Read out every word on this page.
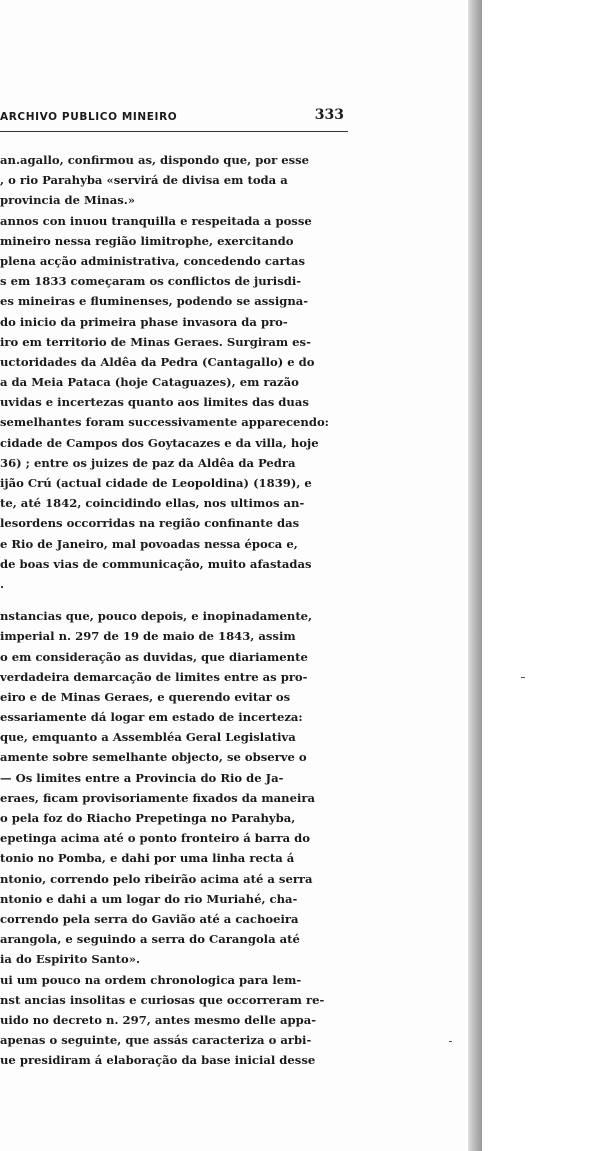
ARCHIVO PUBLICO MINEIRO	333
an.agallo, confirmou as, dispondo que, por esse
, o rio Parahyba «servirá de divisa em toda a
provincia de Minas.»
annos con inuou tranquilla e respeitada a posse
mineiro nessa região limitrophe, exercitando
plena acção administrativa, concedendo cartas
s em 1833 começaram os conflictos de jurisdi-
es mineiras e fluminenses, podendo se assigna-
do inicio da primeira phase invasora da pro-
iro em territorio de Minas Geraes. Surgiram es-
uctoridades da Aldêa da Pedra (Cantagallo) e do
a da Meia Pataca (hoje Cataguazes), em razão
uvidas e incertezas quanto aos limites das duas
semelhantes foram successivamente apparecendo:
cidade de Campos dos Goytacazes e da villa, hoje
36) ; entre os juizes de paz da Aldêa da Pedra
ijão Crú (actual cidade de Leopoldina) (1839), e
te, até 1842, coincidindo ellas, nos ultimos an-
lesordens occorridas na região confinante das
e Rio de Janeiro, mal povoadas nessa época e,
de boas vias de communicação, muito afastadas
.
nstancias que, pouco depois, e inopinadamente,
imperial n. 297 de 19 de maio de 1843, assim
o em consideração as duvidas, que diariamente
verdadeira demarcação de limites entre as pro-
eiro e de Minas Geraes, e querendo evitar os
essariamente dá logar em estado de incerteza:
que, emquanto a Assembléa Geral Legislativa
amente sobre semelhante objecto, se observe o
— Os limites entre a Provincia do Rio de Ja-
eraes, ficam provisoriamente fixados da maneira
o pela foz do Riacho Prepetinga no Parahyba,
epetinga acima até o ponto fronteiro á barra do
tonio no Pomba, e dahi por uma linha recta á
ntonio, correndo pelo ribeirão acima até a serra
ntonio e dahi a um logar do rio Muriahé, cha-
correndo pela serra do Gavião até a cachoeira
arangola, e seguindo a serra do Carangola até
ia do Espirito Santo».
ui um pouco na ordem chronologica para lem-
nst ancias insolitas e curiosas que occorreram re-
uido no decreto n. 297, antes mesmo delle appa-
apenas o seguinte, que assás caracteriza o arbi-
ue presidiram á elaboração da base inicial desse
